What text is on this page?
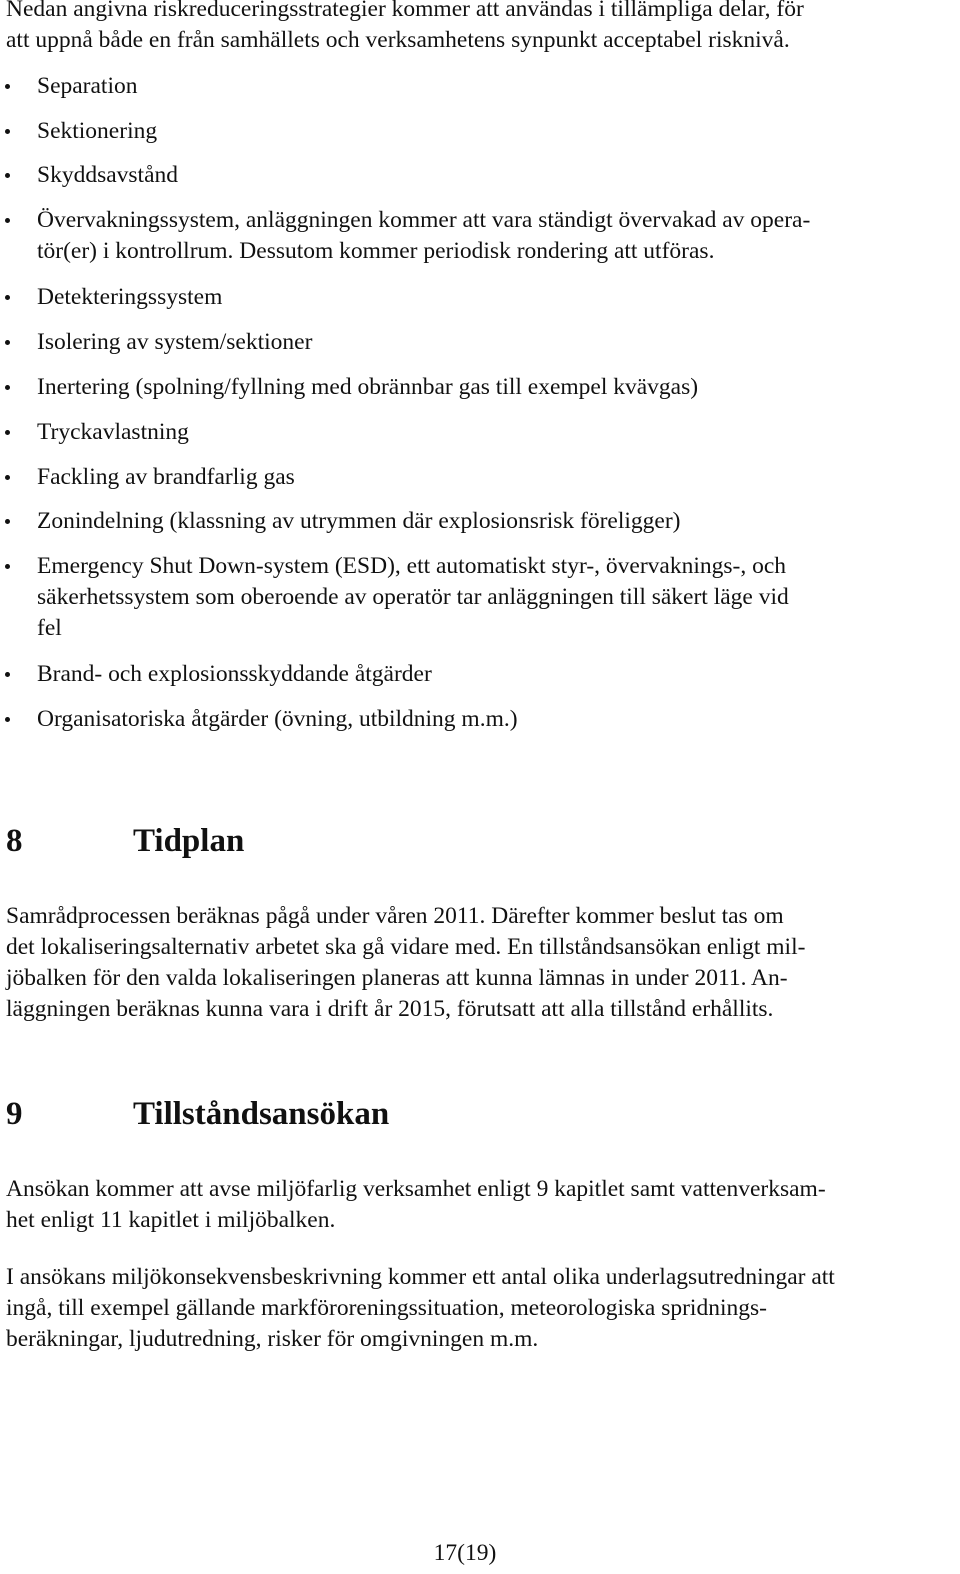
Nedan angivna riskreduceringsstrategier kommer att användas i tillämpliga delar, för
att uppnå både en från samhällets och verksamhetens synpunkt acceptabel risknivå.

Separation
Sektionering
Skyddsavstånd
Övervakningssystem, anläggningen kommer att vara ständigt övervakad av opera-
tör(er) i kontrollrum. Dessutom kommer periodisk rondering att utföras.
Detekteringssystem
Isolering av system/sektioner
Inertering (spolning/fyllning med obrännbar gas till exempel kvävgas)
Tryckavlastning
Fackling av brandfarlig gas
Zonindelning (klassning av utrymmen där explosionsrisk föreligger)
Emergency Shut Down-system (ESD), ett automatiskt styr-, övervaknings-, och
säkerhetssystem som oberoende av operatör tar anläggningen till säkert läge vid
fel
Brand- och explosionsskyddande åtgärder
Organisatoriska åtgärder (övning, utbildning m.m.)
8	Tidplan

Samrådprocessen beräknas pågå under våren 2011. Därefter kommer beslut tas om
det lokaliseringsalternativ arbetet ska gå vidare med. En tillståndsansökan enligt mil-
jöbalken för den valda lokaliseringen planeras att kunna lämnas in under 2011. An-
läggningen beräknas kunna vara i drift år 2015, förutsatt att alla tillstånd erhållits.

9	Tillståndsansökan

Ansökan kommer att avse miljöfarlig verksamhet enligt 9 kapitlet samt vattenverksam-
het enligt 11 kapitlet i miljöbalken.

I ansökans miljökonsekvensbeskrivning kommer ett antal olika underlagsutredningar att
ingå, till exempel gällande markföroreningssituation, meteorologiska spridnings-
beräkningar, ljudutredning, risker för omgivningen m.m.

17(19)
